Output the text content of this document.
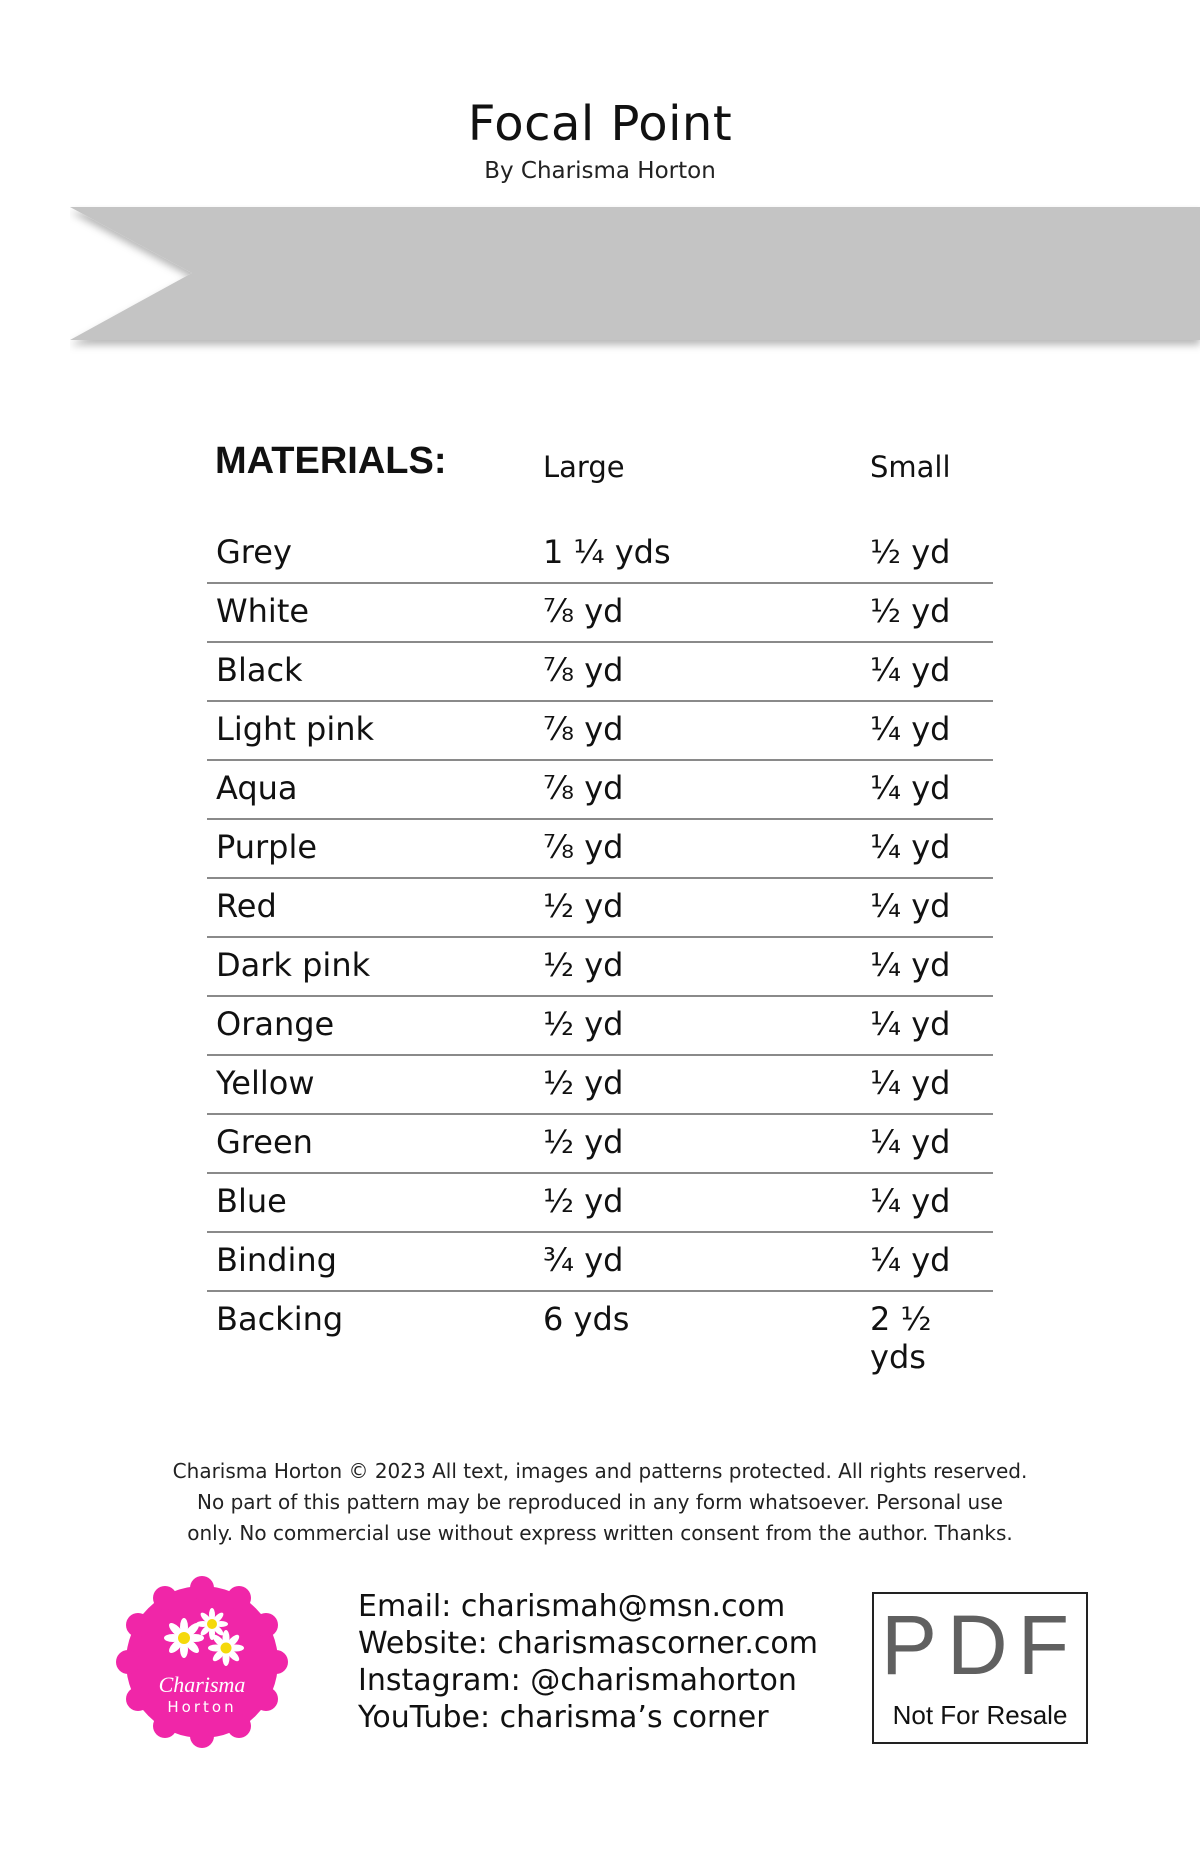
Focal Point
By Charisma Horton
MATERIALS:	Large	Small
Grey	1 ¼ yds	½ yd
White	⅞ yd	½ yd
Black	⅞ yd	¼ yd
Light pink	⅞ yd	¼ yd
Aqua	⅞ yd	¼ yd
Purple	⅞ yd	¼ yd
Red	½ yd	¼ yd
Dark pink	½ yd	¼ yd
Orange	½ yd	¼ yd
Yellow	½ yd	¼ yd
Green	½ yd	¼ yd
Blue	½ yd	¼ yd
Binding	¾ yd	¼ yd
Backing	6 yds	2 ½ yds
Charisma Horton © 2023 All text, images and patterns protected. All rights reserved.
No part of this pattern may be reproduced in any form whatsoever. Personal use
only. No commercial use without express written consent from the author. Thanks.
Charisma
Horton
Email: charismah@msn.com
Website: charismascorner.com
Instagram: @charismahorton
YouTube: charisma’s corner
PDF
Not For Resale
